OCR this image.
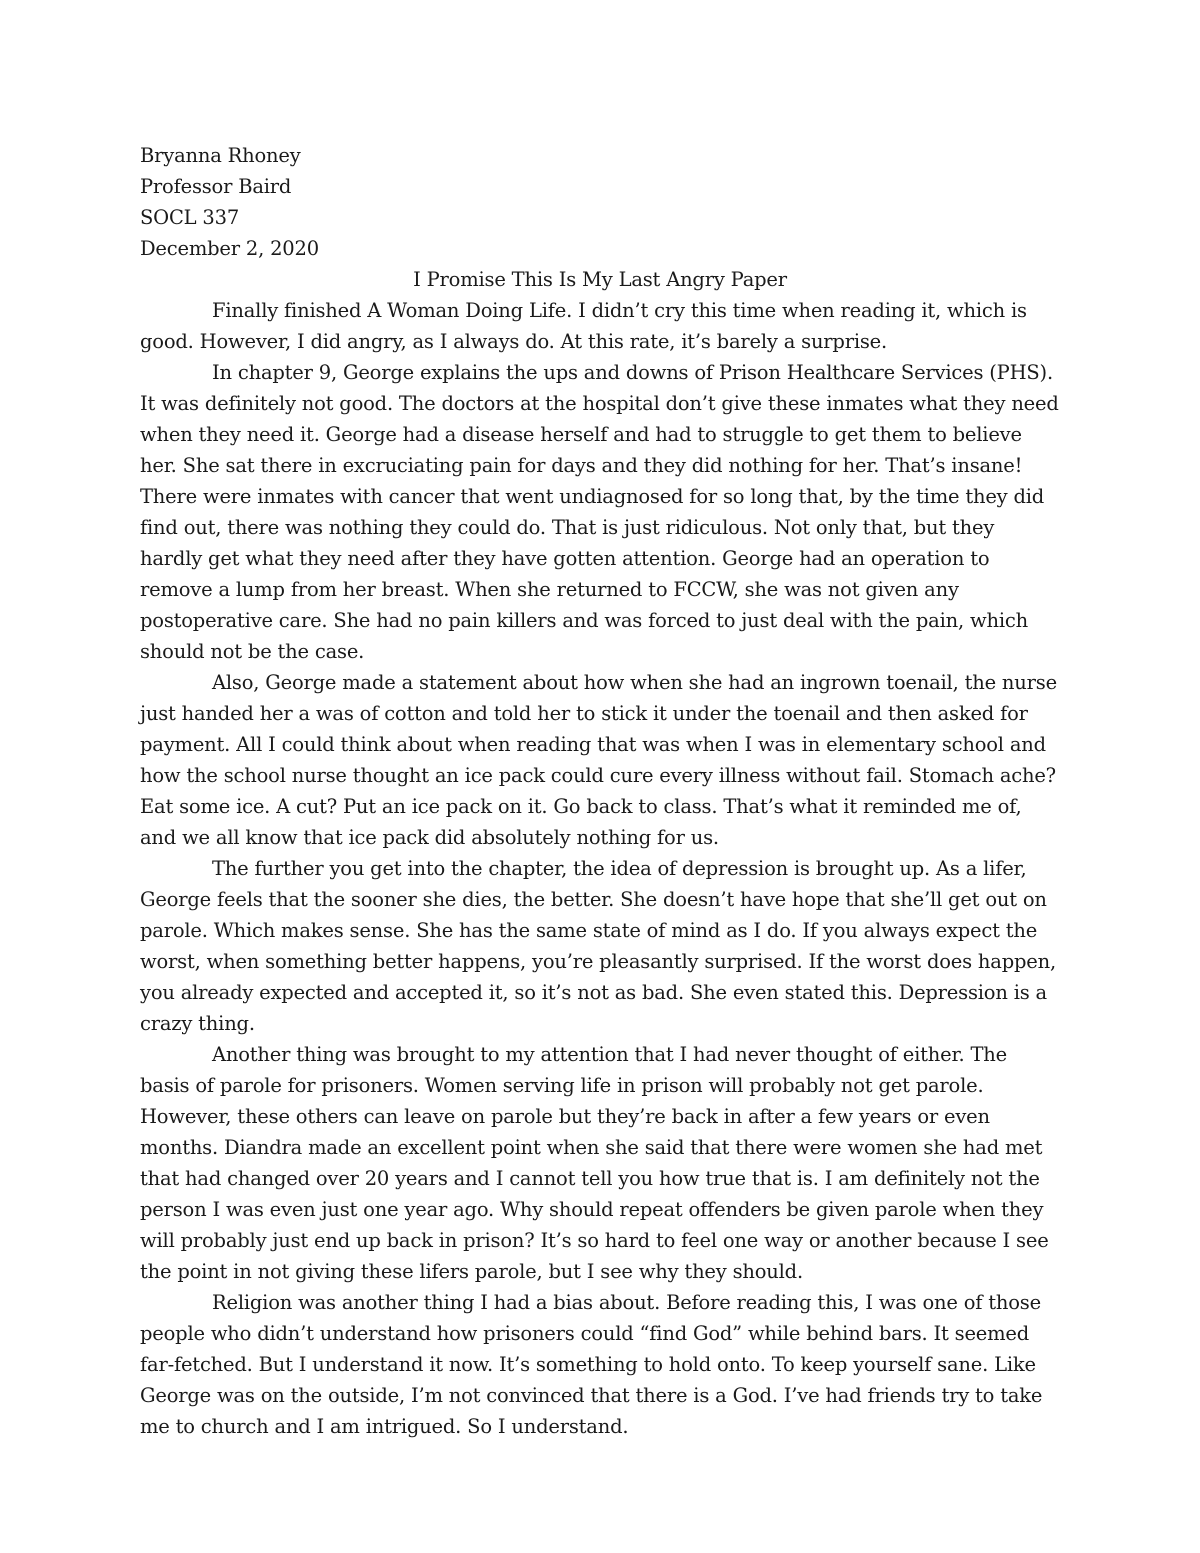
Bryanna Rhoney

Professor Baird

SOCL 337

December 2, 2020

I Promise This Is My Last Angry Paper

Finally finished A Woman Doing Life. I didn’t cry this time when reading it, which is good. However, I did angry, as I always do. At this rate, it’s barely a surprise.

In chapter 9, George explains the ups and downs of Prison Healthcare Services (PHS). It was definitely not good. The doctors at the hospital don’t give these inmates what they need when they need it. George had a disease herself and had to struggle to get them to believe her. She sat there in excruciating pain for days and they did nothing for her. That’s insane! There were inmates with cancer that went undiagnosed for so long that, by the time they did find out, there was nothing they could do. That is just ridiculous. Not only that, but they hardly get what they need after they have gotten attention. George had an operation to remove a lump from her breast. When she returned to FCCW, she was not given any postoperative care. She had no pain killers and was forced to just deal with the pain, which should not be the case.

Also, George made a statement about how when she had an ingrown toenail, the nurse just handed her a was of cotton and told her to stick it under the toenail and then asked for payment. All I could think about when reading that was when I was in elementary school and how the school nurse thought an ice pack could cure every illness without fail. Stomach ache? Eat some ice. A cut? Put an ice pack on it. Go back to class. That’s what it reminded me of, and we all know that ice pack did absolutely nothing for us.

The further you get into the chapter, the idea of depression is brought up. As a lifer, George feels that the sooner she dies, the better. She doesn’t have hope that she’ll get out on parole. Which makes sense. She has the same state of mind as I do. If you always expect the worst, when something better happens, you’re pleasantly surprised. If the worst does happen, you already expected and accepted it, so it’s not as bad. She even stated this. Depression is a crazy thing.

Another thing was brought to my attention that I had never thought of either. The basis of parole for prisoners. Women serving life in prison will probably not get parole. However, these others can leave on parole but they’re back in after a few years or even months. Diandra made an excellent point when she said that there were women she had met that had changed over 20 years and I cannot tell you how true that is. I am definitely not the person I was even just one year ago. Why should repeat offenders be given parole when they will probably just end up back in prison? It’s so hard to feel one way or another because I see the point in not giving these lifers parole, but I see why they should.

Religion was another thing I had a bias about. Before reading this, I was one of those people who didn’t understand how prisoners could “find God” while behind bars. It seemed far-fetched. But I understand it now. It’s something to hold onto. To keep yourself sane. Like George was on the outside, I’m not convinced that there is a God. I’ve had friends try to take me to church and I am intrigued. So I understand.
